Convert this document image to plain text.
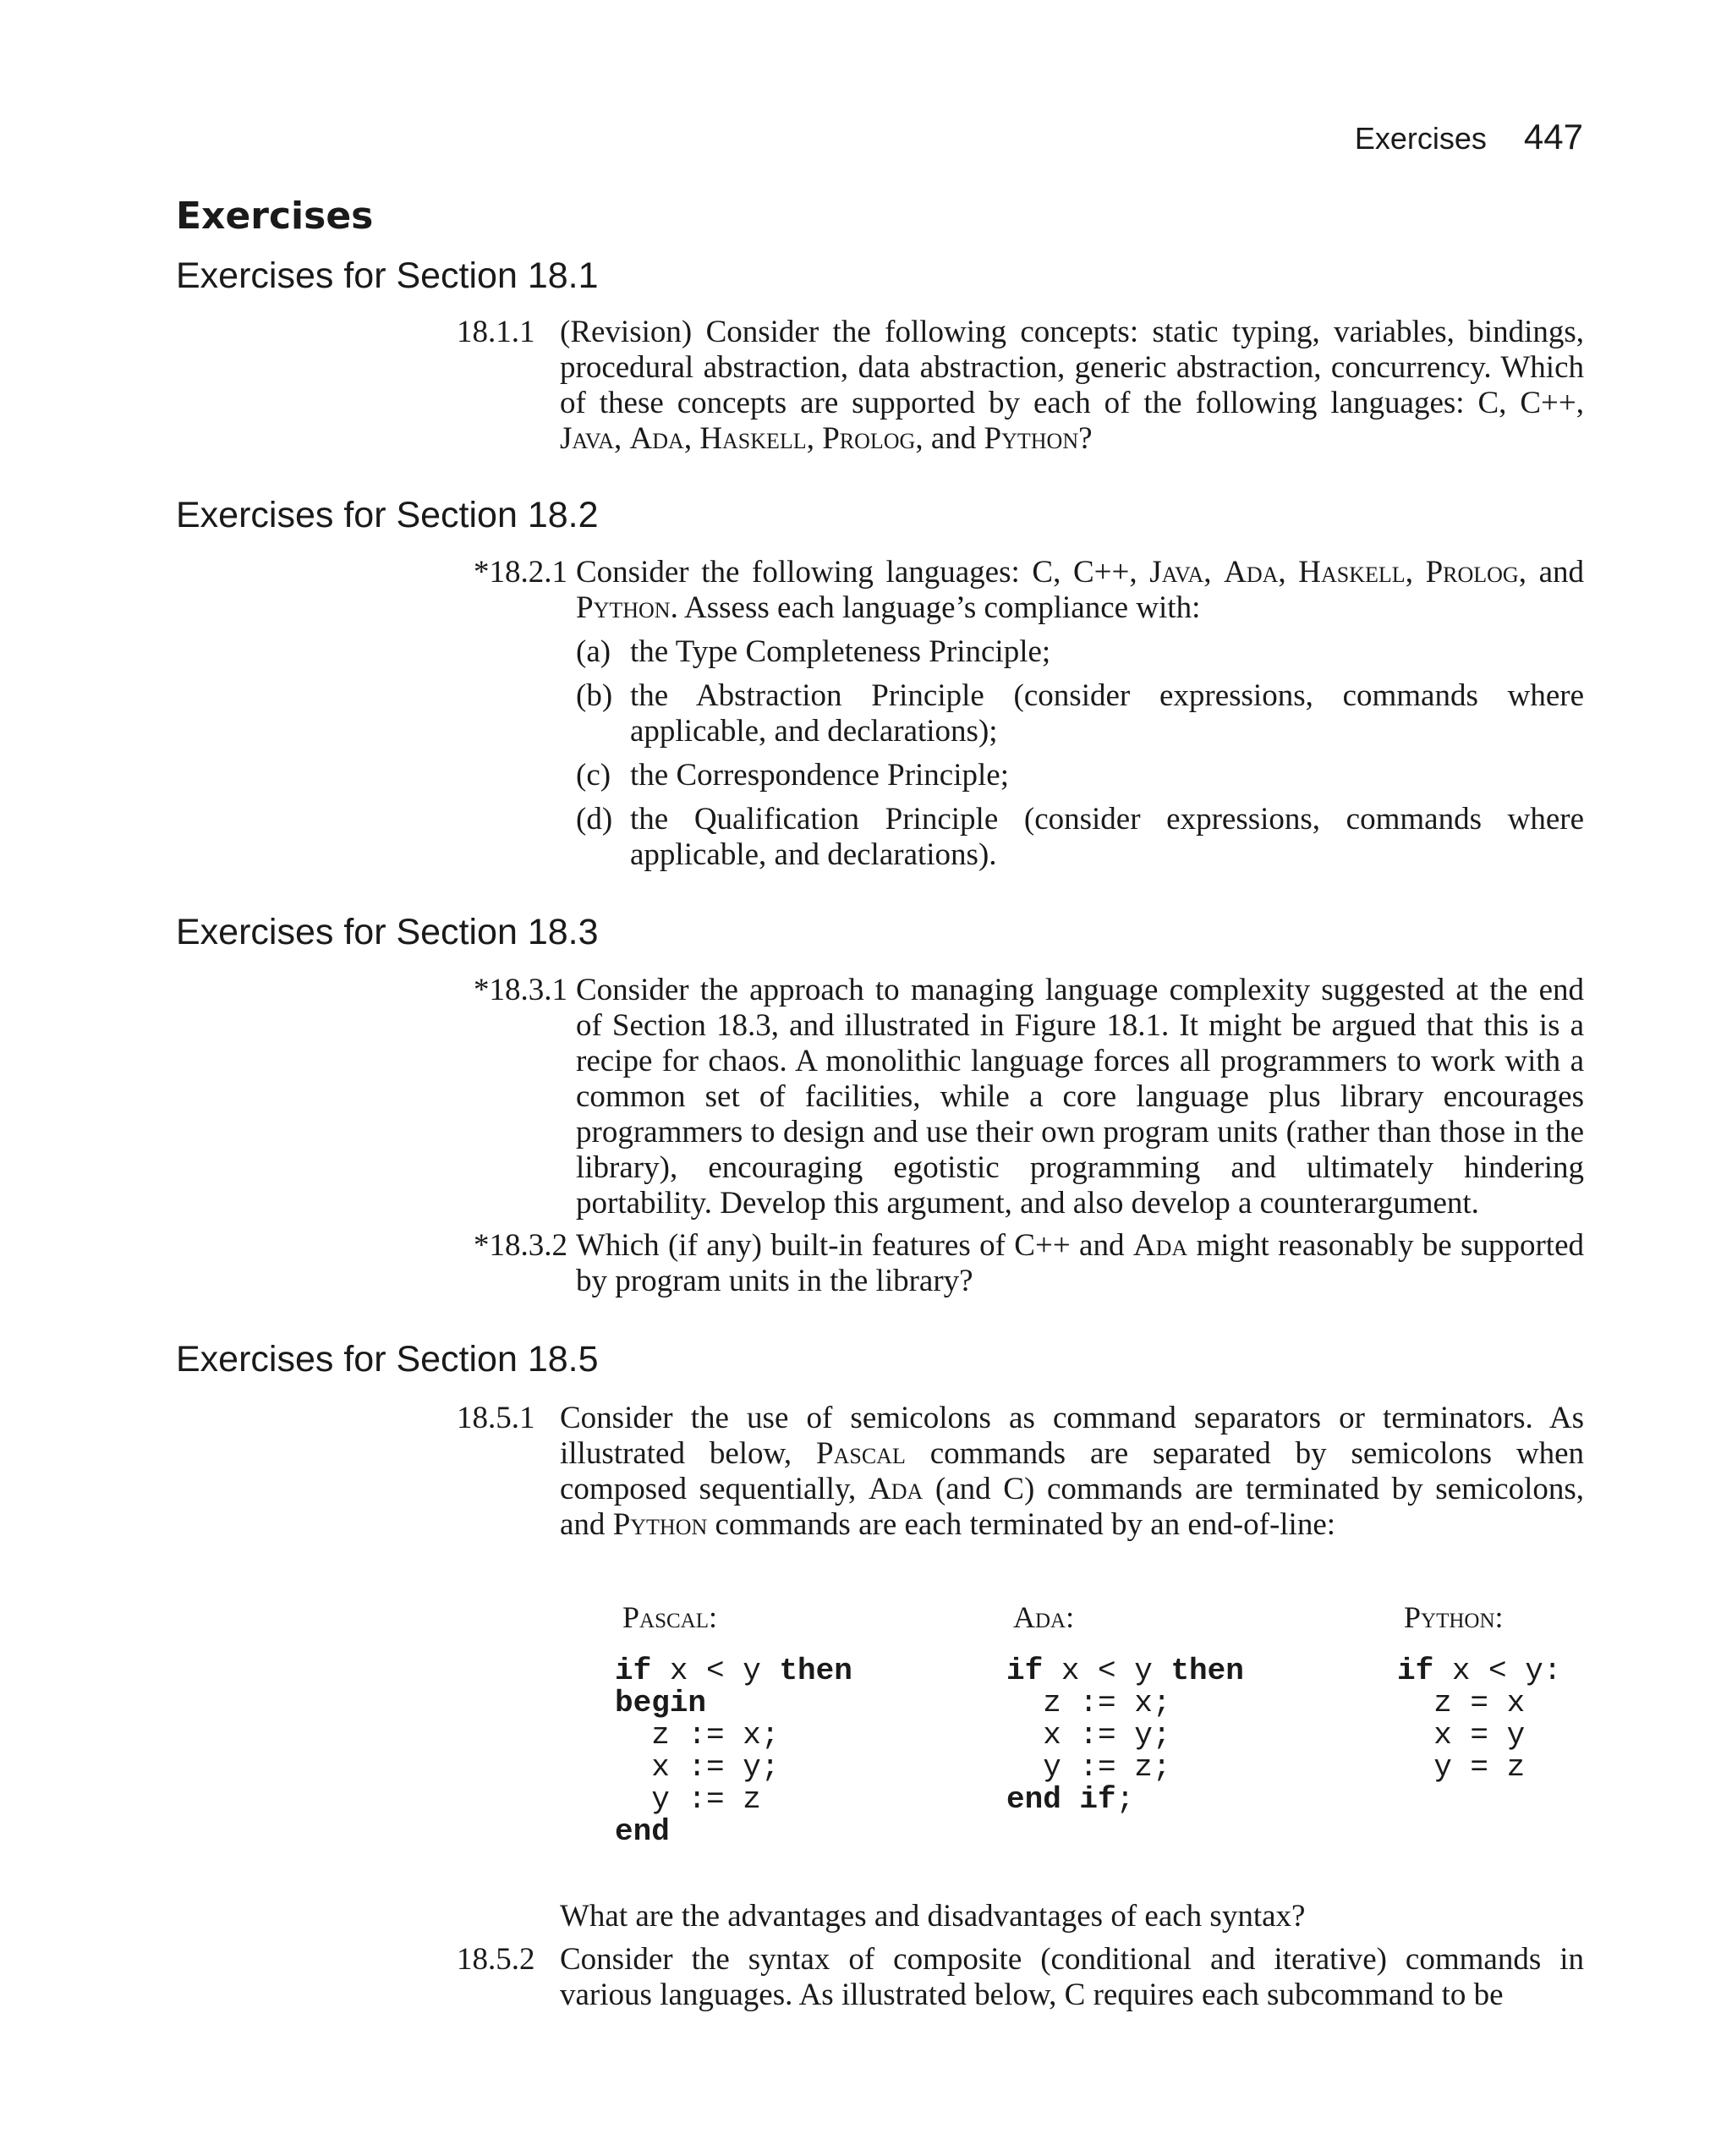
Exercises 447
Exercises
Exercises for Section 18.1
18.1.1 (Revision) Consider the following concepts: static typing, variables, bindings, procedural abstraction, data abstraction, generic abstraction, concurrency. Which of these concepts are supported by each of the following languages: C, C++, Java, Ada, Haskell, Prolog, and Python?

Exercises for Section 18.2
*18.2.1 Consider the following languages: C, C++, Java, Ada, Haskell, Prolog, and Python. Assess each language’s compliance with:

(a) the Type Completeness Principle;
(b) the Abstraction Principle (consider expressions, commands where applicable, and declarations);
(c) the Correspondence Principle;
(d) the Qualification Principle (consider expressions, commands where applicable, and declarations).
Exercises for Section 18.3
*18.3.1 Consider the approach to managing language complexity suggested at the end of Section 18.3, and illustrated in Figure 18.1. It might be argued that this is a recipe for chaos. A monolithic language forces all programmers to work with a common set of facilities, while a core language plus library encourages programmers to design and use their own program units (rather than those in the library), encouraging egotistic programming and ultimately hindering portability. Develop this argument, and also develop a counterargument.

*18.3.2 Which (if any) built-in features of C++ and Ada might reasonably be supported by program units in the library?

Exercises for Section 18.5
18.5.1 Consider the use of semicolons as command separators or terminators. As illustrated below, Pascal commands are separated by semicolons when composed sequentially, Ada (and C) commands are terminated by semicolons, and Python commands are each terminated by an end-of-line:

Pascal:	Ada:	Python:
if x < y then
begin
z := x;
x := y;
y := z
end
if x < y then
z := x;
x := y;
y := z;
end if;
if x < y:
z = x
x = y
y = z
What are the advantages and disadvantages of each syntax?
18.5.2 Consider the syntax of composite (conditional and iterative) commands in various languages. As illustrated below, C requires each subcommand to be
